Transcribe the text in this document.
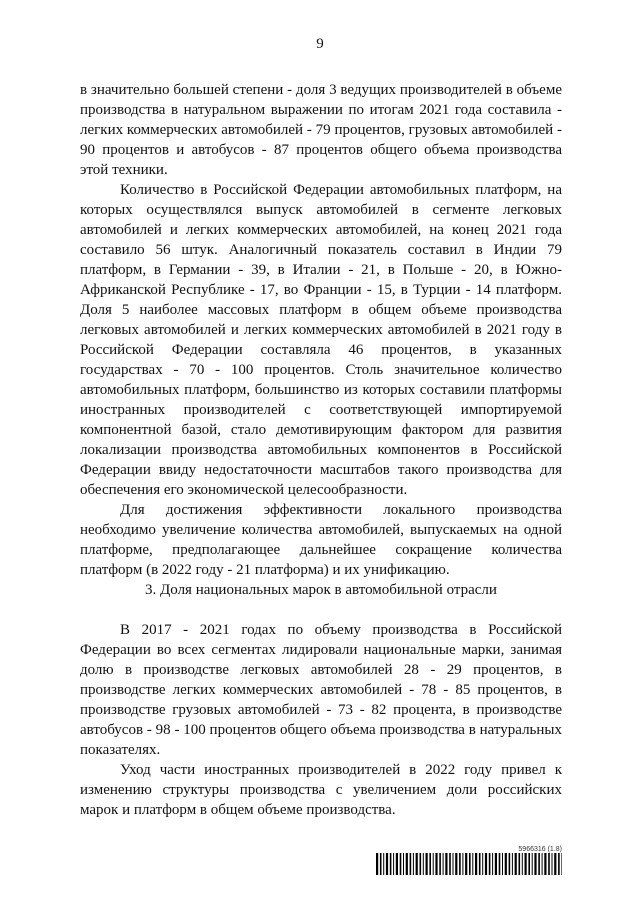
9

в значительно большей степени - доля 3 ведущих производителей в объеме производства в натуральном выражении по итогам 2021 года составила - легких коммерческих автомобилей - 79 процентов, грузовых автомобилей - 90 процентов и автобусов - 87 процентов общего объема производства этой техники.

Количество в Российской Федерации автомобильных платформ, на которых осуществлялся выпуск автомобилей в сегменте легковых автомобилей и легких коммерческих автомобилей, на конец 2021 года составило 56 штук. Аналогичный показатель составил в Индии 79 платформ, в Германии - 39, в Италии - 21, в Польше - 20, в Южно-Африканской Республике - 17, во Франции - 15, в Турции - 14 платформ. Доля 5 наиболее массовых платформ в общем объеме производства легковых автомобилей и легких коммерческих автомобилей в 2021 году в Российской Федерации составляла 46 процентов, в указанных государствах - 70 - 100 процентов. Столь значительное количество автомобильных платформ, большинство из которых составили платформы иностранных производителей с соответствующей импортируемой компонентной базой, стало демотивирующим фактором для развития локализации производства автомобильных компонентов в Российской Федерации ввиду недостаточности масштабов такого производства для обеспечения его экономической целесообразности.

Для достижения эффективности локального производства необходимо увеличение количества автомобилей, выпускаемых на одной платформе, предполагающее дальнейшее сокращение количества платформ (в 2022 году - 21 платформа) и их унификацию.

3. Доля национальных марок в автомобильной отрасли

В 2017 - 2021 годах по объему производства в Российской Федерации во всех сегментах лидировали национальные марки, занимая долю в производстве легковых автомобилей 28 - 29 процентов, в производстве легких коммерческих автомобилей - 78 - 85 процентов, в производстве грузовых автомобилей - 73 - 82 процента, в производстве автобусов - 98 - 100 процентов общего объема производства в натуральных показателях.

Уход части иностранных производителей в 2022 году привел к изменению структуры производства с увеличением доли российских марок и платформ в общем объеме производства.

5966316 (1.8)
